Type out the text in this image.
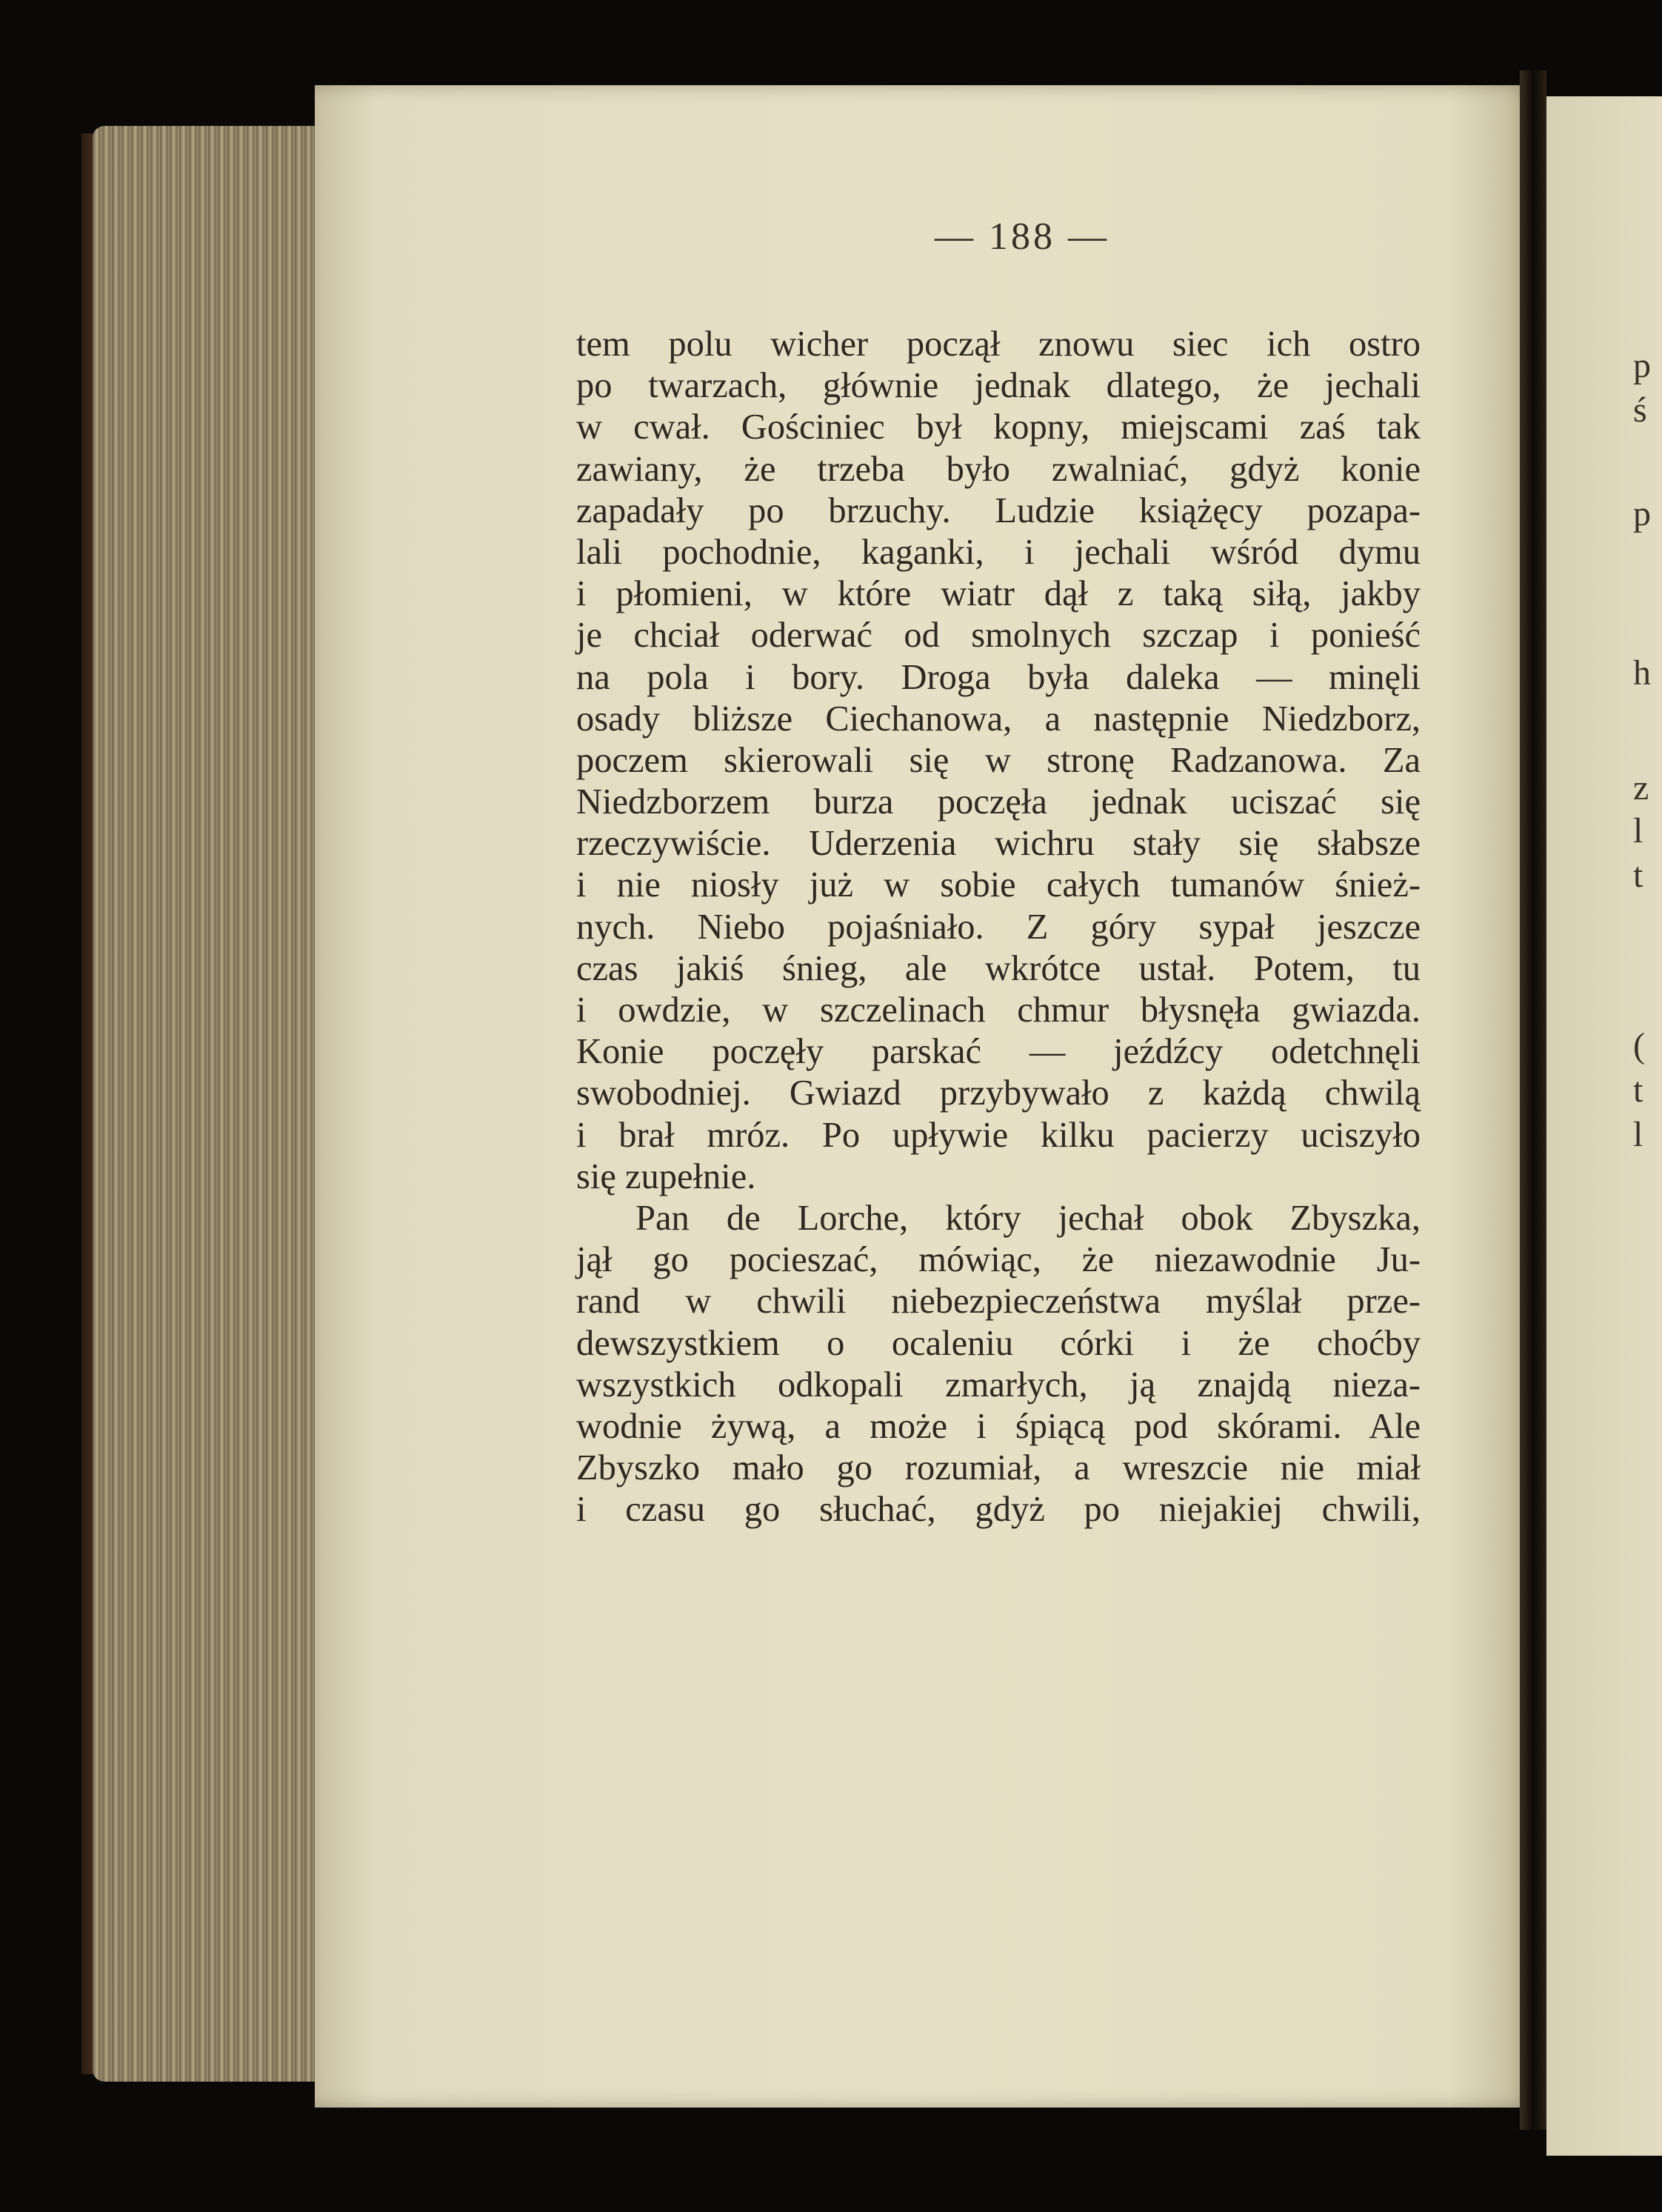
— 188 —
tem polu wicher począł znowu siec ich ostro
po twarzach, głównie jednak dlatego, że jechali
w cwał. Gościniec był kopny, miejscami zaś tak
zawiany, że trzeba było zwalniać, gdyż konie
zapadały po brzuchy. Ludzie książęcy pozapa-
lali pochodnie, kaganki, i jechali wśród dymu
i płomieni, w które wiatr dął z taką siłą, jakby
je chciał oderwać od smolnych szczap i ponieść
na pola i bory. Droga była daleka — minęli
osady bliższe Ciechanowa, a następnie Niedzborz,
poczem skierowali się w stronę Radzanowa. Za
Niedzborzem burza poczęła jednak uciszać się
rzeczywiście. Uderzenia wichru stały się słabsze
i nie niosły już w sobie całych tumanów śnież-
nych. Niebo pojaśniało. Z góry sypał jeszcze
czas jakiś śnieg, ale wkrótce ustał. Potem, tu
i owdzie, w szczelinach chmur błysnęła gwiazda.
Konie poczęły parskać — jeźdźcy odetchnęli
swobodniej. Gwiazd przybywało z każdą chwilą
i brał mróz. Po upływie kilku pacierzy uciszyło
się zupełnie.
Pan de Lorche, który jechał obok Zbyszka,
jął go pocieszać, mówiąc, że niezawodnie Ju-
rand w chwili niebezpieczeństwa myślał prze-
dewszystkiem o ocaleniu córki i że choćby
wszystkich odkopali zmarłych, ją znajdą nieza-
wodnie żywą, a może i śpiącą pod skórami. Ale
Zbyszko mało go rozumiał, a wreszcie nie miał
i czasu go słuchać, gdyż po niejakiej chwili,
p
ś
p
h
z
l
t
(
t
l
